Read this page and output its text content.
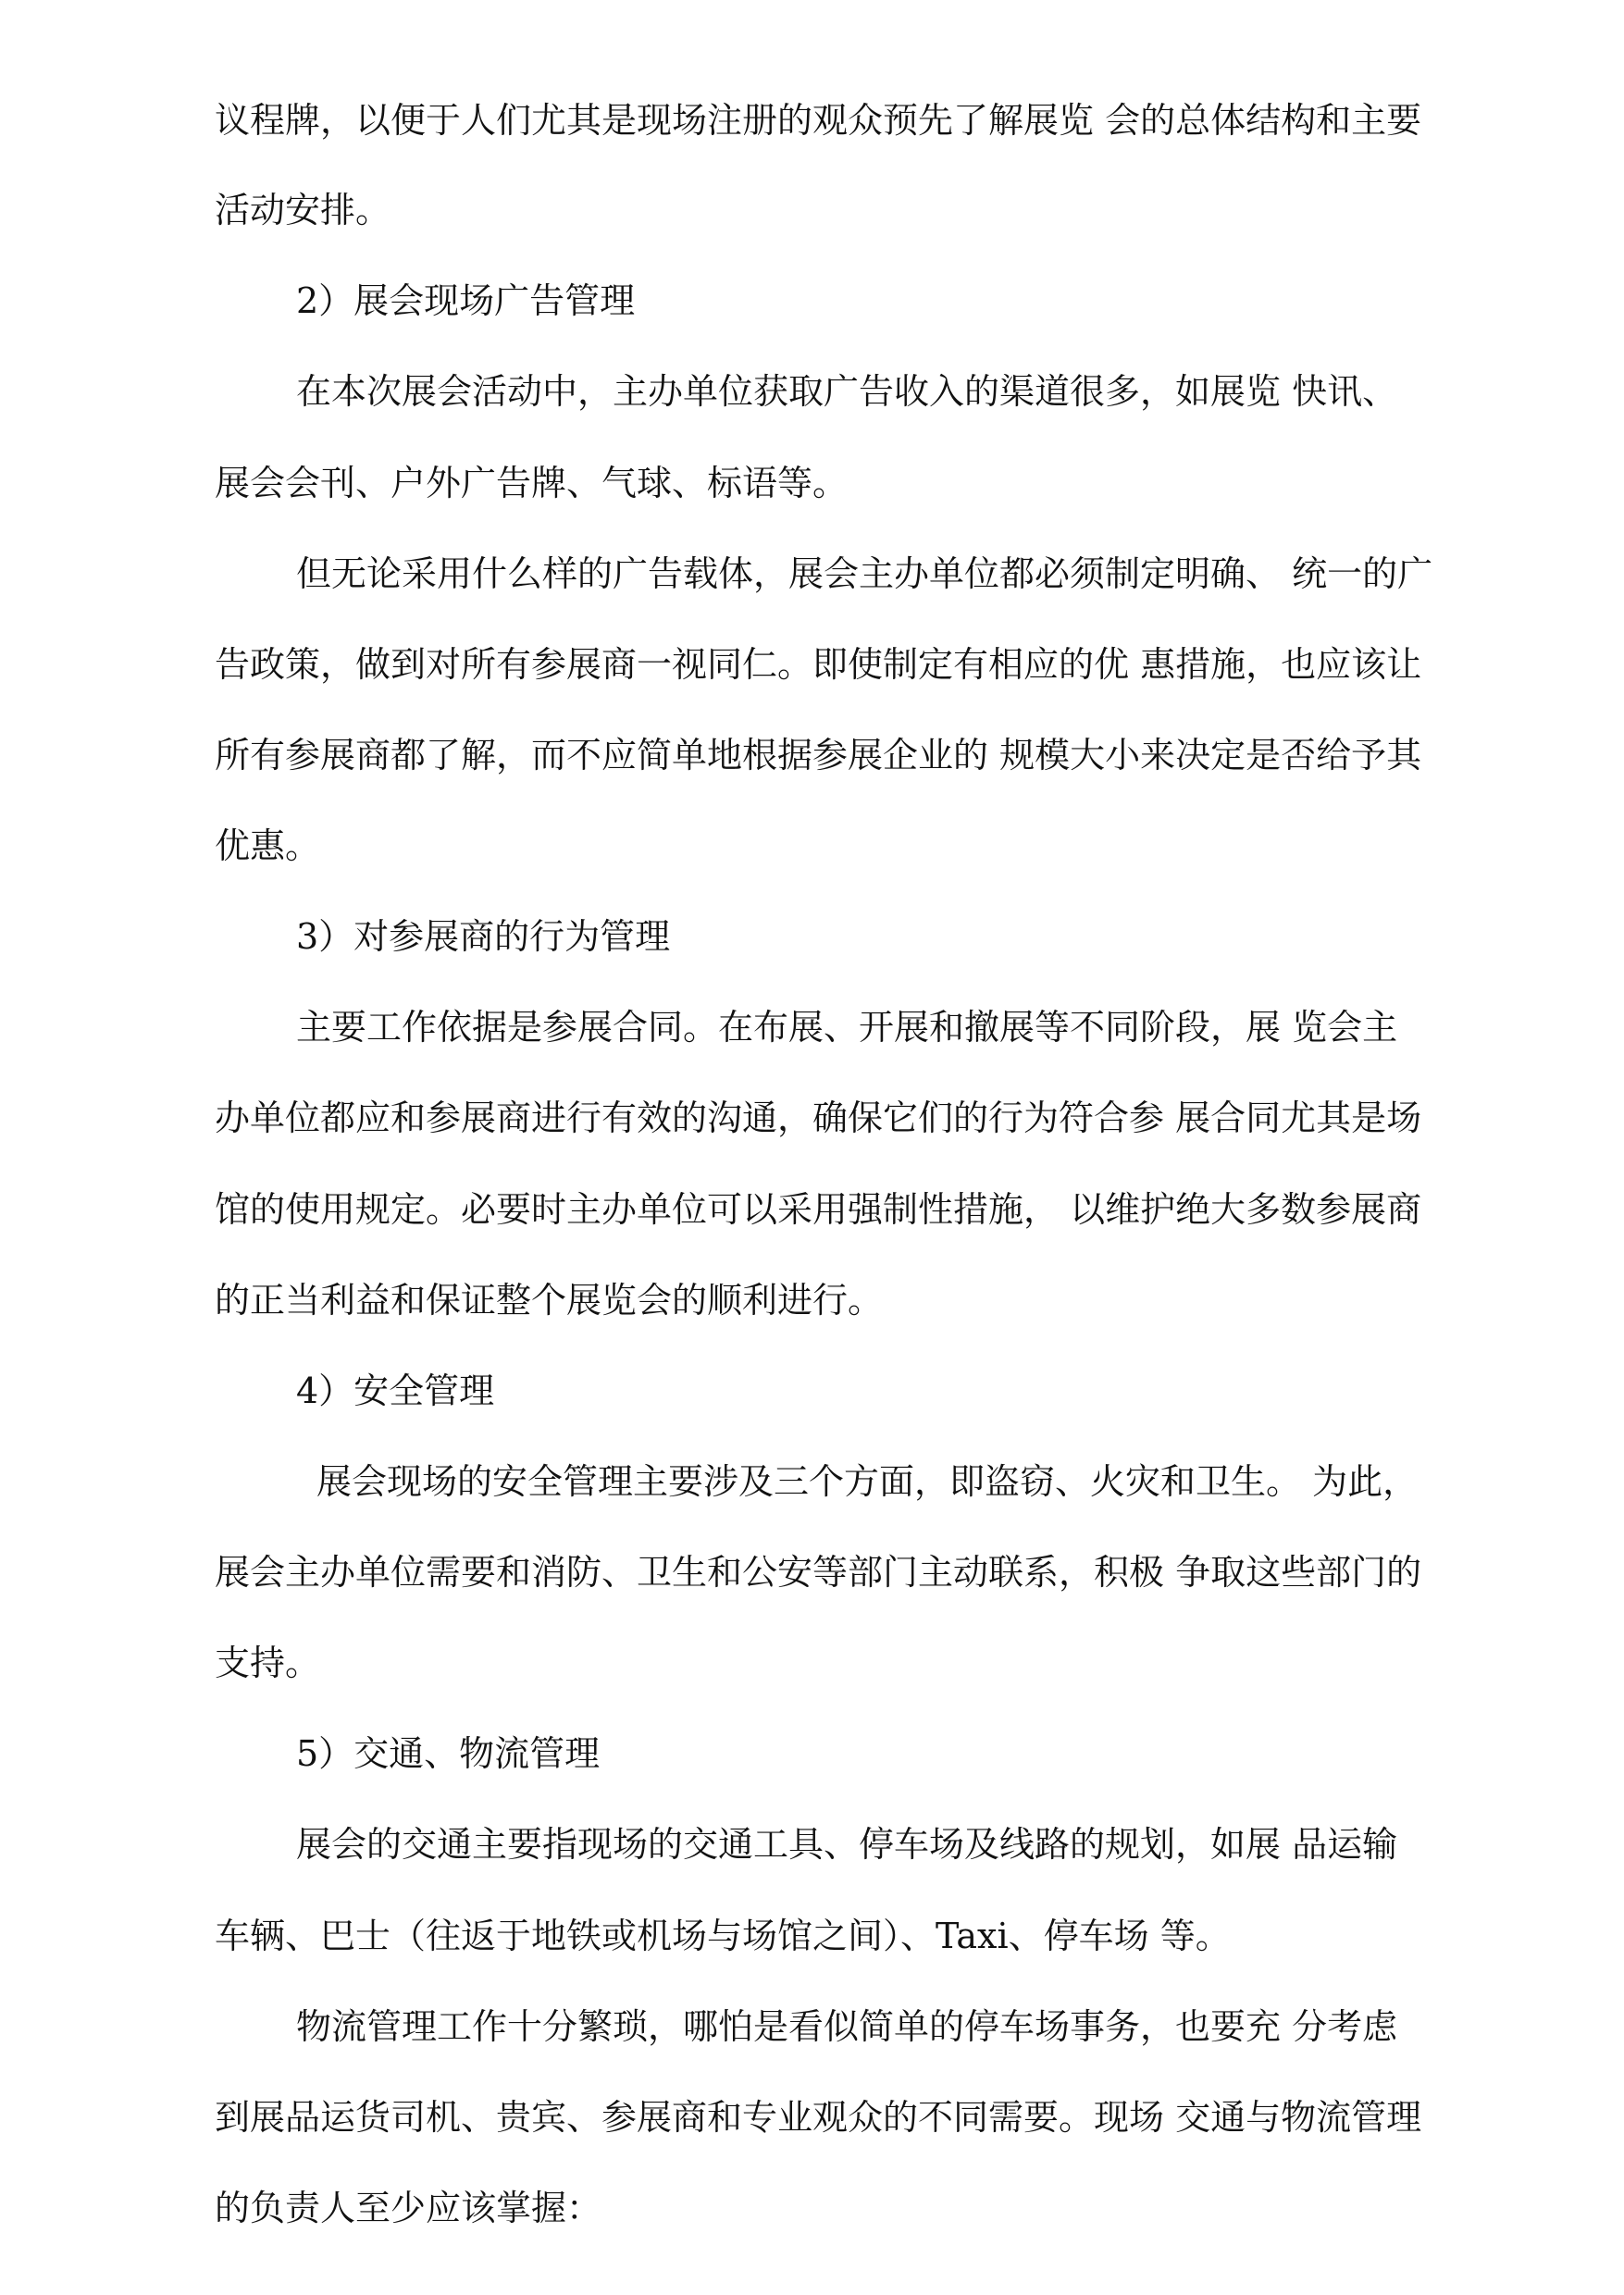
议程牌，以便于人们尤其是现场注册的观众预先了解展览 会的总体结构和主要
活动安排。
2）展会现场广告管理
在本次展会活动中，主办单位获取广告收入的渠道很多，如展览 快讯、
展会会刊、户外广告牌、气球、标语等。
但无论采用什么样的广告载体，展会主办单位都必须制定明确、 统一的广
告政策，做到对所有参展商一视同仁。即使制定有相应的优 惠措施，也应该让
所有参展商都了解，而不应简单地根据参展企业的 规模大小来决定是否给予其
优惠。
3）对参展商的行为管理
主要工作依据是参展合同。在布展、开展和撤展等不同阶段，展 览会主
办单位都应和参展商进行有效的沟通，确保它们的行为符合参 展合同尤其是场
馆的使用规定。必要时主办单位可以采用强制性措施， 以维护绝大多数参展商
的正当利益和保证整个展览会的顺利进行。
4）安全管理
展会现场的安全管理主要涉及三个方面，即盗窃、火灾和卫生。 为此，
展会主办单位需要和消防、卫生和公安等部门主动联系，积极 争取这些部门的
支持。
5）交通、物流管理
展会的交通主要指现场的交通工具、停车场及线路的规划，如展 品运输
车辆、巴士（往返于地铁或机场与场馆之间）、Taxi、停车场 等。
物流管理工作十分繁琐，哪怕是看似简单的停车场事务，也要充 分考虑
到展品运货司机、贵宾、参展商和专业观众的不同需要。现场 交通与物流管理
的负责人至少应该掌握：
